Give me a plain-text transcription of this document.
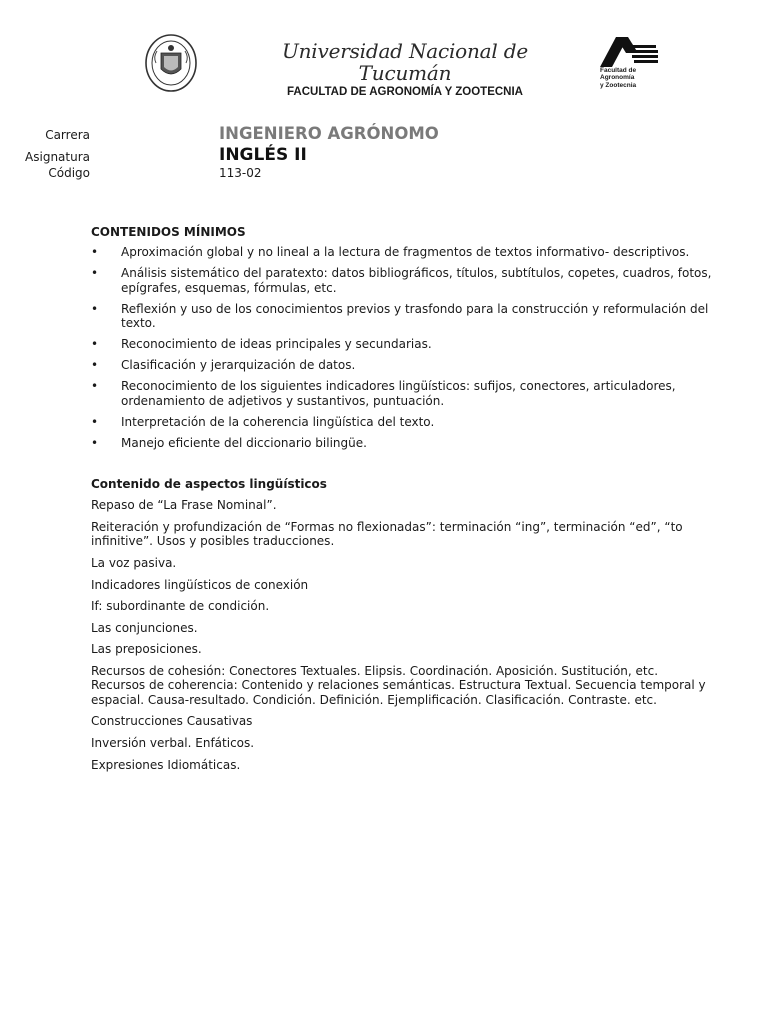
Universidad Nacional de Tucumán
FACULTAD DE AGRONOMÍA Y ZOOTECNIA
Facultad de
Agronomía
y Zootecnia
Carrera	INGENIERO AGRÓNOMO
Asignatura	INGLÉS II
Código	113-02
CONTENIDOS MÍNIMOS
• Aproximación global y no lineal a la lectura de fragmentos de textos informativo- descriptivos.
• Análisis sistemático del paratexto: datos bibliográficos, títulos, subtítulos, copetes, cuadros, fotos, epígrafes, esquemas, fórmulas, etc.
• Reflexión y uso de los conocimientos previos y trasfondo para la construcción y reformulación del texto.
• Reconocimiento de ideas principales y secundarias.
• Clasificación y jerarquización de datos.
• Reconocimiento de los siguientes indicadores lingüísticos: sufijos, conectores, articuladores, ordenamiento de adjetivos y sustantivos, puntuación.
• Interpretación de la coherencia lingüística del texto.
• Manejo eficiente del diccionario bilingüe.
Contenido de aspectos lingüísticos

Repaso de “La Frase Nominal”.

Reiteración y profundización de “Formas no flexionadas”: terminación “ing”, terminación “ed”, “to infinitive”. Usos y posibles traducciones.

La voz pasiva.

Indicadores lingüísticos de conexión

If: subordinante de condición.

Las conjunciones.

Las preposiciones.

Recursos de cohesión: Conectores Textuales. Elipsis. Coordinación. Aposición. Sustitución, etc. Recursos de coherencia: Contenido y relaciones semánticas. Estructura Textual. Secuencia temporal y espacial. Causa-resultado. Condición. Definición. Ejemplificación. Clasificación. Contraste. etc.

Construcciones Causativas

Inversión verbal. Enfáticos.

Expresiones Idiomáticas.
